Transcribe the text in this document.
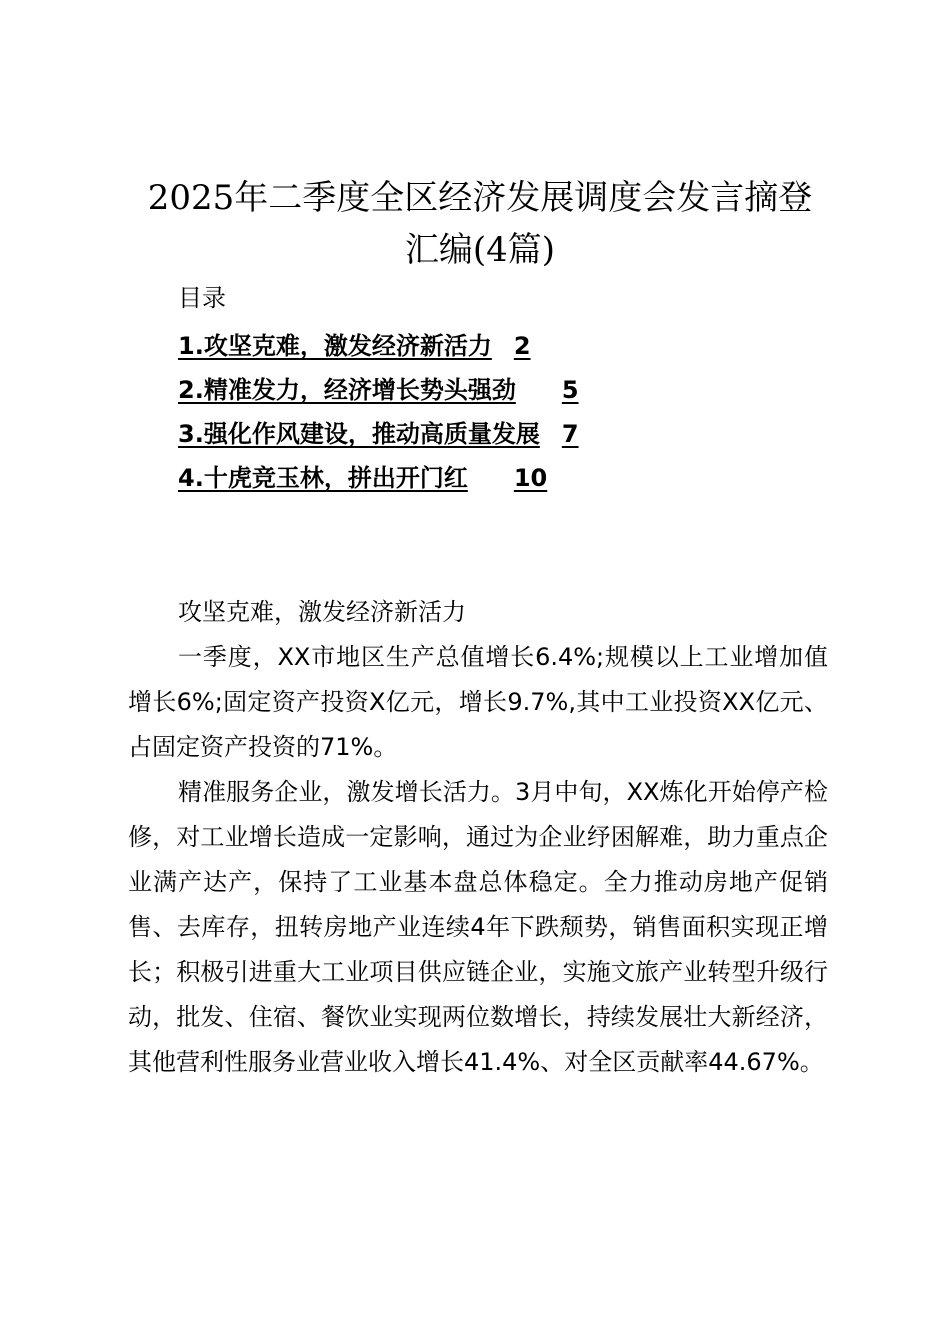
2025年二季度全区经济发展调度会发言摘登
汇编(4篇)
目录
1.攻坚克难，激发经济新活力 2
2.精准发力，经济增长势头强劲 5
3.强化作风建设，推动高质量发展 7
4.十虎竞玉林，拼出开门红 10

攻坚克难，激发经济新活力

一季度，XX市地区生产总值增长6.4%;规模以上工业增加值增长6%;固定资产投资X亿元，增长9.7%,其中工业投资XX亿元、占固定资产投资的71%。

精准服务企业，激发增长活力。3月中旬，XX炼化开始停产检修，对工业增长造成一定影响，通过为企业纾困解难，助力重点企业满产达产，保持了工业基本盘总体稳定。全力推动房地产促销售、去库存，扭转房地产业连续4年下跌颓势，销售面积实现正增长；积极引进重大工业项目供应链企业，实施文旅产业转型升级行动，批发、住宿、餐饮业实现两位数增长，持续发展壮大新经济，其他营利性服务业营业收入增长41.4%、对全区贡献率44.67%。
